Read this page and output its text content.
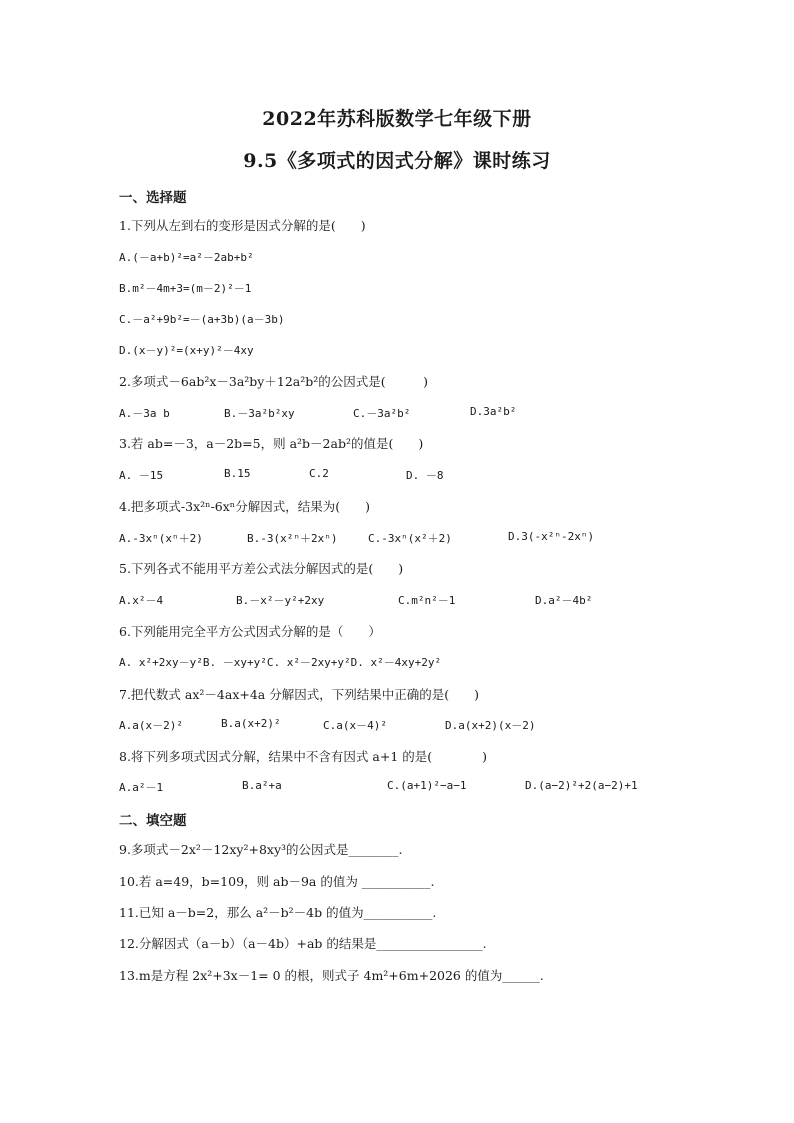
2022年苏科版数学七年级下册
9.5《多项式的因式分解》课时练习
一、选择题
1.下列从左到右的变形是因式分解的是(　　)
A.(－a+b)²=a²－2ab+b²
B.m²－4m+3=(m－2)²－1
C.－a²+9b²=－(a+3b)(a－3b)
D.(x－y)²=(x+y)²－4xy
2.多项式－6ab²x－3a²by＋12a²b²的公因式是(　　　)
A.－3a b	B.－3a²b²xy	C.－3a²b²	D.3a²b²
3.若 ab=－3，a－2b=5，则 a²b－2ab²的值是(　　)
A. －15	B.15	C.2	D. －8
4.把多项式-3x²ⁿ-6xⁿ分解因式，结果为(　　)
A.-3xⁿ(xⁿ＋2)	B.-3(x²ⁿ＋2xⁿ)	C.-3xⁿ(x²＋2)	D.3(-x²ⁿ-2xⁿ)
5.下列各式不能用平方差公式法分解因式的是(　　)
A.x²－4	B.－x²－y²+2xy	C.m²n²－1	D.a²－4b²
6.下列能用完全平方公式因式分解的是（　　）
A. x²+2xy－y²B. －xy+y²C. x²－2xy+y²D. x²－4xy+2y²
7.把代数式 ax²－4ax+4a 分解因式，下列结果中正确的是(　　)
A.a(x－2)²	B.a(x+2)²	C.a(x－4)²	D.a(x+2)(x－2)
8.将下列多项式因式分解，结果中不含有因式 a+1 的是(　　　　)
A.a²－1	B.a²+a	C.(a+1)²−a−1	D.(a−2)²+2(a−2)+1
二、填空题
9.多项式－2x²－12xy²+8xy³的公因式是________.
10.若 a=49，b=109，则 ab－9a 的值为 ___________.
11.已知 a－b=2，那么 a²－b²－4b 的值为___________.
12.分解因式（a－b）（a－4b）+ab 的结果是_________________.
13.m是方程 2x²+3x－1= 0 的根，则式子 4m²+6m+2026 的值为______.
